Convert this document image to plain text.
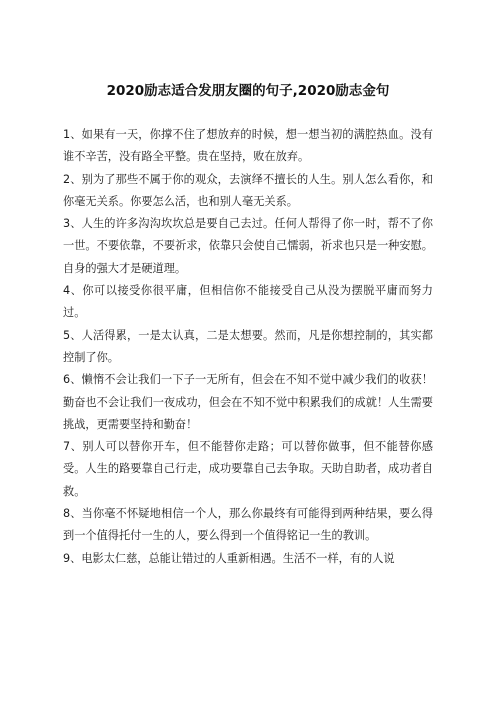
2020励志适合发朋友圈的句子,2020励志金句
1、如果有一天，你撑不住了想放弃的时候，想一想当初的满腔热血。没有谁不辛苦，没有路全平整。贵在坚持，败在放弃。
2、别为了那些不属于你的观众，去演绎不擅长的人生。别人怎么看你，和你毫无关系。你要怎么活，也和别人毫无关系。
3、人生的许多沟沟坎坎总是要自己去过。任何人帮得了你一时，帮不了你一世。不要依靠，不要祈求，依靠只会使自己懦弱，祈求也只是一种安慰。自身的强大才是硬道理。
4、你可以接受你很平庸，但相信你不能接受自己从没为摆脱平庸而努力过。
5、人活得累，一是太认真，二是太想要。然而，凡是你想控制的，其实都控制了你。
6、懒惰不会让我们一下子一无所有，但会在不知不觉中减少我们的收获！勤奋也不会让我们一夜成功，但会在不知不觉中积累我们的成就！人生需要挑战，更需要坚持和勤奋！
7、别人可以替你开车，但不能替你走路；可以替你做事，但不能替你感受。人生的路要靠自己行走，成功要靠自己去争取。天助自助者，成功者自救。
8、当你毫不怀疑地相信一个人，那么你最终有可能得到两种结果，要么得到一个值得托付一生的人，要么得到一个值得铭记一生的教训。
9、电影太仁慈，总能让错过的人重新相遇。生活不一样，有的人说
